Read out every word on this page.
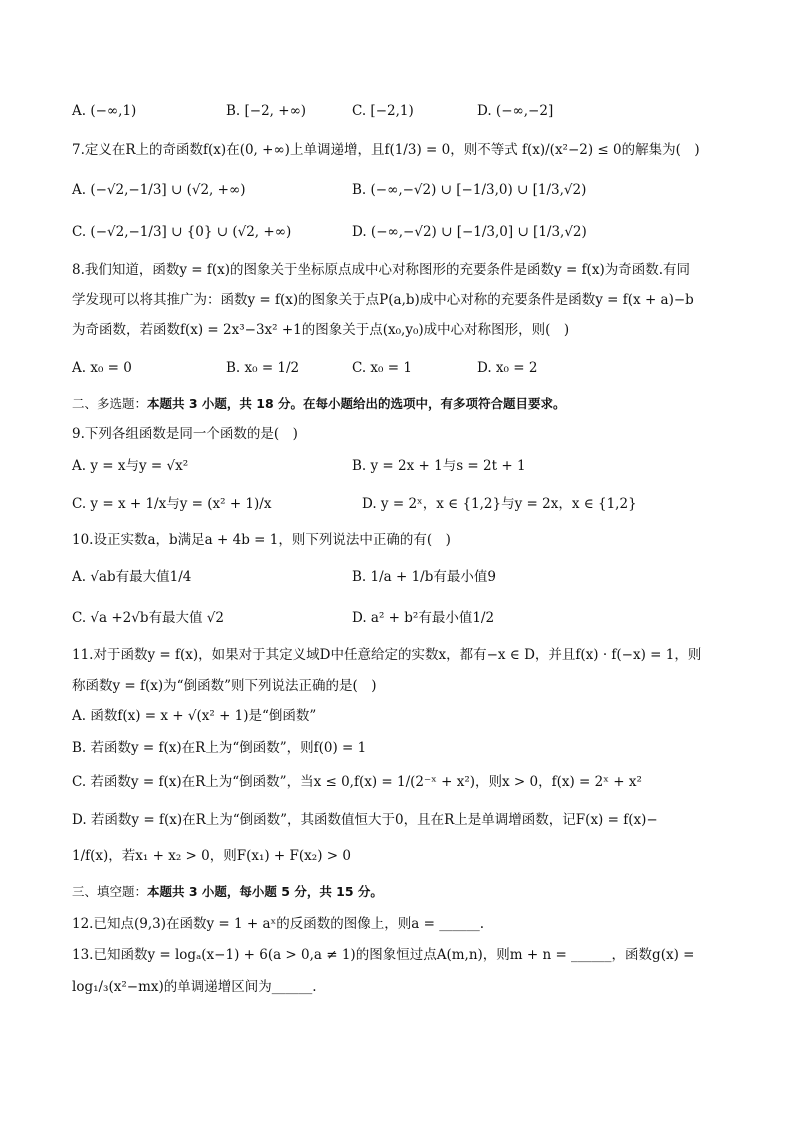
A. (−∞,1)	B. [−2, +∞)	C. [−2,1)	D. (−∞,−2]
7.定义在R上的奇函数f(x)在(0, +∞)上单调递增，且f(1/3) = 0，则不等式 f(x)/(x²−2) ≤ 0的解集为(　)
A. (−√2,−1/3] ∪ (√2, +∞)	B. (−∞,−√2) ∪ [−1/3,0) ∪ [1/3,√2)
C. (−√2,−1/3] ∪ {0} ∪ (√2, +∞)	D. (−∞,−√2) ∪ [−1/3,0] ∪ [1/3,√2)
8.我们知道，函数y = f(x)的图象关于坐标原点成中心对称图形的充要条件是函数y = f(x)为奇函数.有同
学发现可以将其推广为：函数y = f(x)的图象关于点P(a,b)成中心对称的充要条件是函数y = f(x + a)−b
为奇函数，若函数f(x) = 2x³−3x² +1的图象关于点(x₀,y₀)成中心对称图形，则(　)
A. x₀ = 0	B. x₀ = 1/2	C. x₀ = 1	D. x₀ = 2
二、多选题：本题共 3 小题，共 18 分。在每小题给出的选项中，有多项符合题目要求。
9.下列各组函数是同一个函数的是(　)
A. y = x与y = √x²	B. y = 2x + 1与s = 2t + 1
C. y = x + 1/x与y = (x² + 1)/x	D. y = 2ˣ，x ∈ {1,2}与y = 2x，x ∈ {1,2}
10.设正实数a，b满足a + 4b = 1，则下列说法中正确的有(　)
A. √ab有最大值1/4	B. 1/a + 1/b有最小值9
C. √a +2√b有最大值 √2	D. a² + b²有最小值1/2
11.对于函数y = f(x)，如果对于其定义域D中任意给定的实数x，都有−x ∈ D，并且f(x) · f(−x) = 1，则
称函数y = f(x)为“倒函数”则下列说法正确的是(　)
A. 函数f(x) = x + √(x² + 1)是“倒函数”
B. 若函数y = f(x)在R上为“倒函数”，则f(0) = 1
C. 若函数y = f(x)在R上为“倒函数”，当x ≤ 0,f(x) = 1/(2⁻ˣ + x²)，则x > 0，f(x) = 2ˣ + x²
D. 若函数y = f(x)在R上为“倒函数”，其函数值恒大于0，且在R上是单调增函数，记F(x) = f(x)−
1/f(x)，若x₁ + x₂ > 0，则F(x₁) + F(x₂) > 0
三、填空题：本题共 3 小题，每小题 5 分，共 15 分。
12.已知点(9,3)在函数y = 1 + aˣ的反函数的图像上，则a = ______.
13.已知函数y = logₐ(x−1) + 6(a > 0,a ≠ 1)的图象恒过点A(m,n)，则m + n = ______，函数g(x) =
log₁/₃(x²−mx)的单调递增区间为______.
